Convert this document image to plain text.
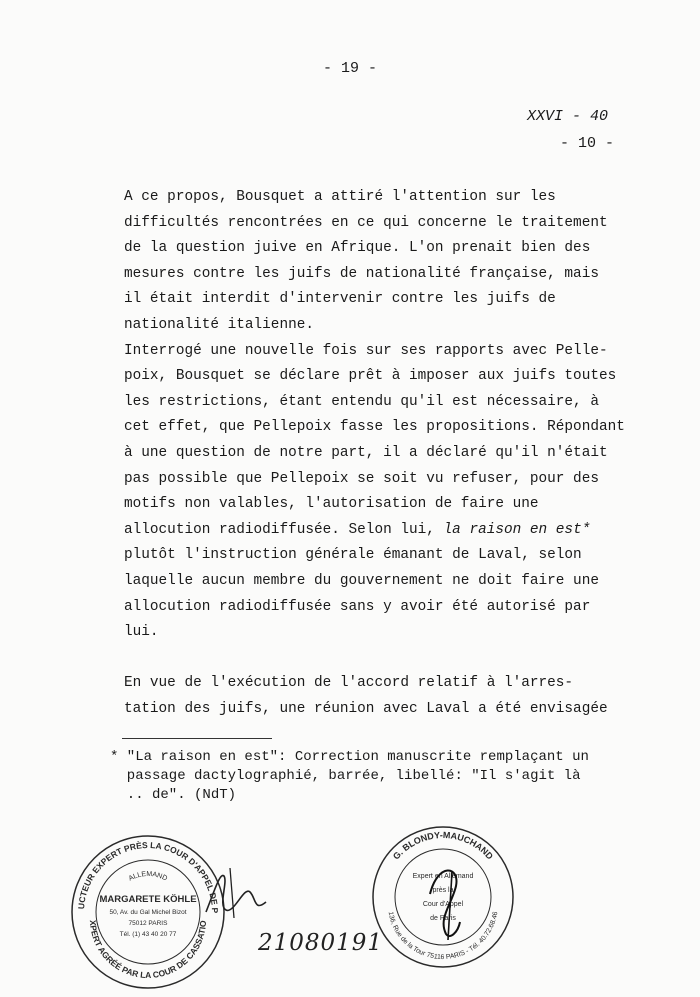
- 19 -
XXVI - 40
- 10 -

A ce propos, Bousquet a attiré l'attention sur les

difficultés rencontrées en ce qui concerne le traitement

de la question juive en Afrique. L'on prenait bien des

mesures contre les juifs de nationalité française, mais

il était interdit d'intervenir contre les juifs de

nationalité italienne.

Interrogé une nouvelle fois sur ses rapports avec Pelle-

poix, Bousquet se déclare prêt à imposer aux juifs toutes

les restrictions, étant entendu qu'il est nécessaire, à

cet effet, que Pellepoix fasse les propositions. Répondant

à une question de notre part, il a déclaré qu'il n'était

pas possible que Pellepoix se soit vu refuser, pour des

motifs non valables, l'autorisation de faire une

allocution radiodiffusée. Selon lui, la raison en est*

plutôt l'instruction générale émanant de Laval, selon

laquelle aucun membre du gouvernement ne doit faire une

allocution radiodiffusée sans y avoir été autorisé par

lui.

En vue de l'exécution de l'accord relatif à l'arres-

tation des juifs, une réunion avec Laval a été envisagée

* "La raison en est": Correction manuscrite remplaçant un

passage dactylographié, barrée, libellé: "Il s'agit là

.. de". (NdT)

UCTEUR EXPERT PRÈS LA COUR D'APPEL DE P
ALLEMAND
XPERT AGRÉÉ PAR LA COUR DE CASSATIO
MARGARETE KÖHLE
50, Av. du Gal Michel Bizot
75012 PARIS
Tél. (1) 43 40 20 77	21080191
G. BLONDY-MAUCHAND
136, Rue de la Tour 75116 PARIS - Tél. 40.72.68.46
Expert en Allemand
près la
Cour d'Appel
de Paris
